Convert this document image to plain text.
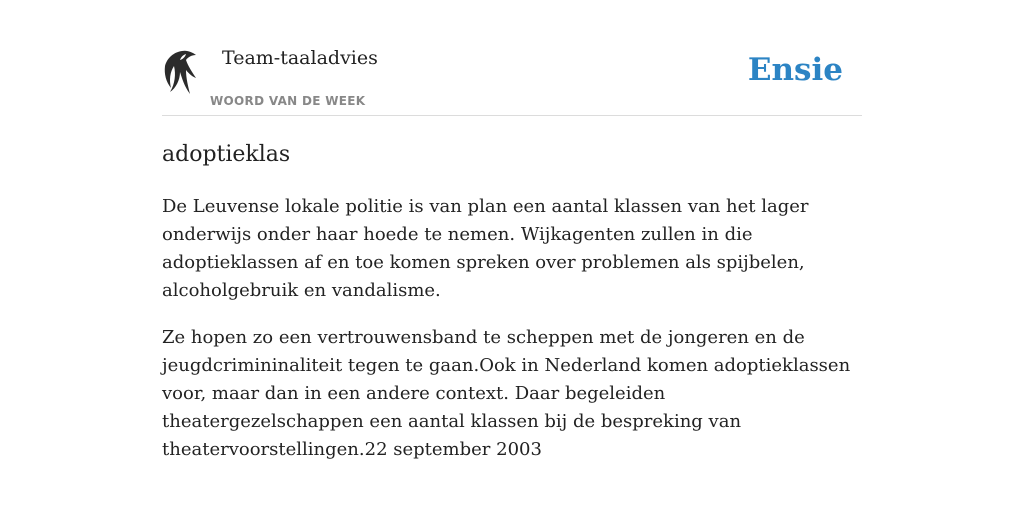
Team-taaladvies
WOORD VAN DE WEEK
Ensie
adoptieklas

De Leuvense lokale politie is van plan een aantal klassen van het lager onderwijs onder haar hoede te nemen. Wijkagenten zullen in die adoptieklassen af en toe komen spreken over problemen als spijbelen, alcoholgebruik en vandalisme.

Ze hopen zo een vertrouwensband te scheppen met de jongeren en de jeugdcrimininaliteit tegen te gaan.Ook in Nederland komen adoptieklassen voor, maar dan in een andere context. Daar begeleiden theatergezelschappen een aantal klassen bij de bespreking van theatervoorstellingen.22 september 2003
